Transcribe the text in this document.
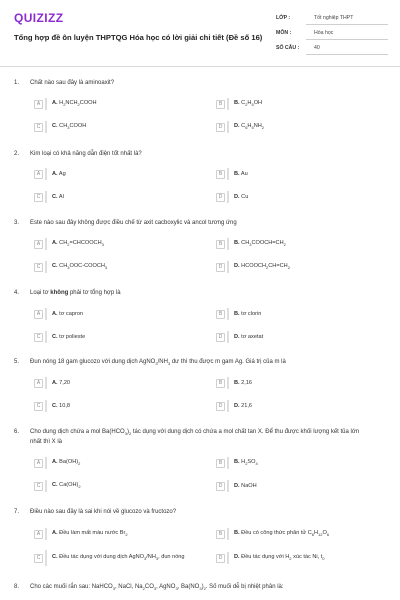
QUIZIZZ
Tổng hợp đề ôn luyện THPTQG Hóa học có lời giải chi tiết (Đề số 16)
LỚP :	Tốt nghiệp THPT
MÔN :	Hóa học
SỐ CÂU :	40
1.	Chất nào sau đây là aminoaxit?
A	A. $H_2NCH_2COOH$	B	B. $C_2H_5OH$
C	C. $CH_3COOH$	D	D. $C_6H_5NH_2$
2.	Kim loại có khả năng dẫn điện tốt nhất là?
A	A. Ag	B	B. Au
C	C. Al	D	D. Cu
3.	Este nào sau đây không được điều chế từ axit cacboxylic và ancol tương ứng
A	A. $CH_2=CHCOOCH_3$	B	B. $CH_3COOCH=CH_2$
C	C. $CH_3OOC-COOCH_3$	D	D. $HCOOCH_2CH=CH_2$
4.	Loại tơ không phải tơ tổng hợp là
A	A. tơ capron	B	B. tơ clorin
C	C. tơ polieste	D	D. tơ axetat
5.	Đun nóng 18 gam glucozo với dung dịch $AgNO_3/NH_3$ dư thì thu được m gam Ag. Giá trị của m là
A	A. 7,20	B	B. 2,16
C	C. 10,8	D	D. 21,6
6.	Cho dung dịch chứa a mol $Ba(HCO_3)_2$ tác dụng với dung dịch có chứa a mol chất tan X. Để thu được khối lượng kết tủa lớn nhất thì X là
A	A. $Ba(OH)_2$	B	B. $H_2SO_4$
C	C. $Ca(OH)_2$	D	D. NaOH
7.	Điều nào sau đây là sai khi nói về glucozo và fructozo?
A	A. Đều làm mất màu nước $Br_2$	B	B. Đều có công thức phân tử $C_6H_{12}O_6$
C	C. Đều tác dụng với dung dịch $AgNO_3/NH_3$, đun nóng	D	D. Đều tác dụng với $H_2$ xúc tác Ni, $t_0$
8.	Cho các muối rắn sau: NaHCO$_3$, NaCl, $Na_2CO_3$, AgNO$_3$, $Ba(NO_3)_2$. Số muối dễ bị nhiệt phân là:
